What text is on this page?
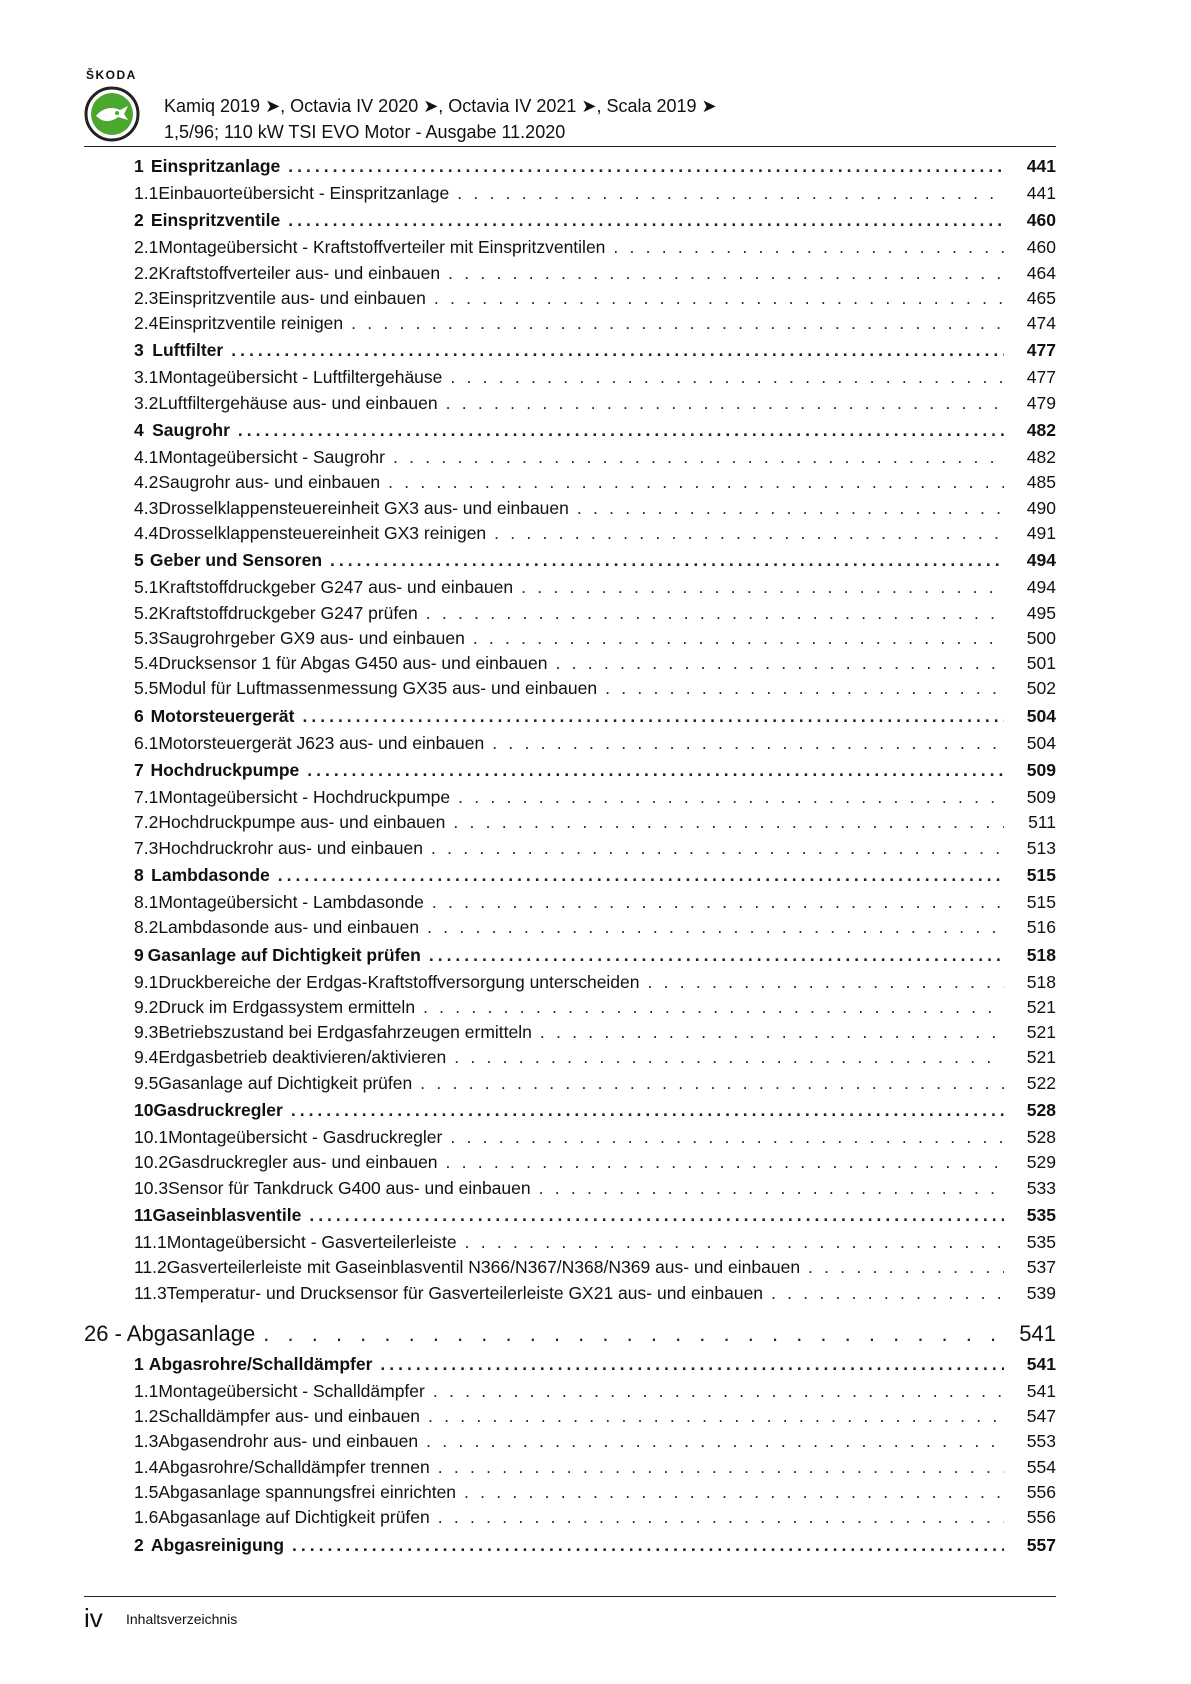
ŠKODA
Kamiq 2019 ➤, Octavia IV 2020 ➤, Octavia IV 2021 ➤, Scala 2019 ➤
1,5/96; 110 kW TSI EVO Motor - Ausgabe 11.2020
1 Einspritzanlage .....	441
1.1 Einbauorteübersicht - Einspritzanlage . . .	441
2 Einspritzventile .....	460
2.1 Montageübersicht - Kraftstoffverteiler mit Einspritzventilen . . .	460
2.2 Kraftstoffverteiler aus- und einbauen . . .	464
2.3 Einspritzventile aus- und einbauen . . .	465
2.4 Einspritzventile reinigen . . .	474
3 Luftfilter .....	477
3.1 Montageübersicht - Luftfiltergehäuse . . .	477
3.2 Luftfiltergehäuse aus- und einbauen . . .	479
4 Saugrohr .....	482
4.1 Montageübersicht - Saugrohr . . .	482
4.2 Saugrohr aus- und einbauen . . .	485
4.3 Drosselklappensteuereinheit GX3 aus- und einbauen . . .	490
4.4 Drosselklappensteuereinheit GX3 reinigen . . .	491
5 Geber und Sensoren .....	494
5.1 Kraftstoffdruckgeber G247 aus- und einbauen . . .	494
5.2 Kraftstoffdruckgeber G247 prüfen . . .	495
5.3 Saugrohrgeber GX9 aus- und einbauen . . .	500
5.4 Drucksensor 1 für Abgas G450 aus- und einbauen . . .	501
5.5 Modul für Luftmassenmessung GX35 aus- und einbauen . . .	502
6 Motorsteuergerät .....	504
6.1 Motorsteuergerät J623 aus- und einbauen . . .	504
7 Hochdruckpumpe .....	509
7.1 Montageübersicht - Hochdruckpumpe . . .	509
7.2 Hochdruckpumpe aus- und einbauen . . .	511
7.3 Hochdruckrohr aus- und einbauen . . .	513
8 Lambdasonde .....	515
8.1 Montageübersicht - Lambdasonde . . .	515
8.2 Lambdasonde aus- und einbauen . . .	516
9 Gasanlage auf Dichtigkeit prüfen .....	518
9.1 Druckbereiche der Erdgas-Kraftstoffversorgung unterscheiden . . .	518
9.2 Druck im Erdgassystem ermitteln . . .	521
9.3 Betriebszustand bei Erdgasfahrzeugen ermitteln . . .	521
9.4 Erdgasbetrieb deaktivieren/aktivieren . . .	521
9.5 Gasanlage auf Dichtigkeit prüfen . . .	522
10 Gasdruckregler .....	528
10.1 Montageübersicht - Gasdruckregler . . .	528
10.2 Gasdruckregler aus- und einbauen . . .	529
10.3 Sensor für Tankdruck G400 aus- und einbauen . . .	533
11 Gaseinblasventile .....	535
11.1 Montageübersicht - Gasverteilerleiste . . .	535
11.2 Gasverteilerleiste mit Gaseinblasventil N366/N367/N368/N369 aus- und einbauen . . .	537
11.3 Temperatur- und Drucksensor für Gasverteilerleiste GX21 aus- und einbauen . . .	539
26 - Abgasanlage . . .	541
1 Abgasrohre/Schalldämpfer .....	541
1.1 Montageübersicht - Schalldämpfer . . .	541
1.2 Schalldämpfer aus- und einbauen . . .	547
1.3 Abgasendrohr aus- und einbauen . . .	553
1.4 Abgasrohre/Schalldämpfer trennen . . .	554
1.5 Abgasanlage spannungsfrei einrichten . . .	556
1.6 Abgasanlage auf Dichtigkeit prüfen . . .	556
2 Abgasreinigung .....	557
iv Inhaltsverzeichnis
